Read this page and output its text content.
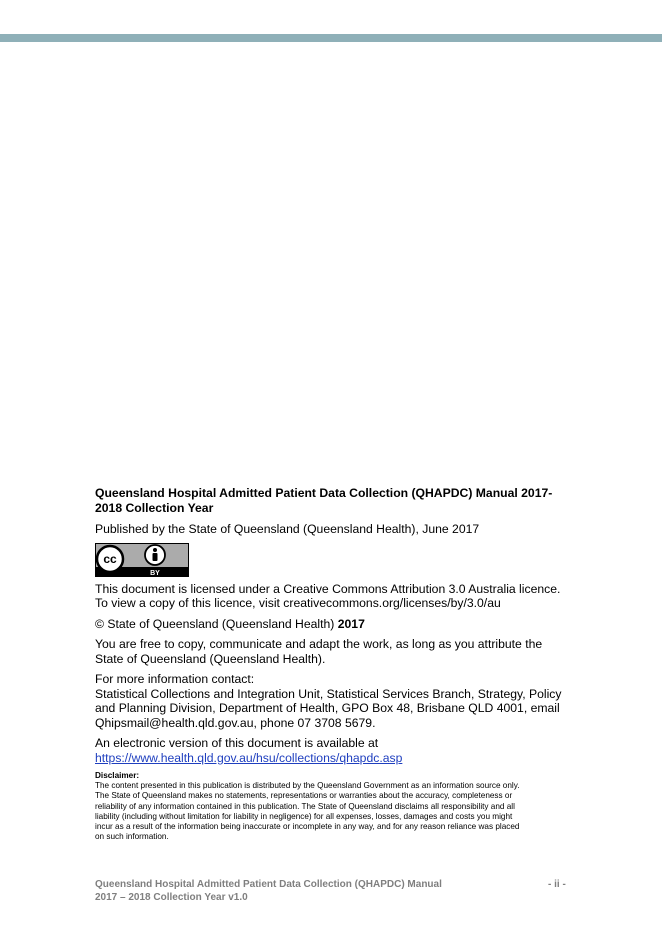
Queensland Hospital Admitted Patient Data Collection (QHAPDC) Manual 2017-
2018 Collection Year
Published by the State of Queensland (Queensland Health), June 2017
cc
BY
This document is licensed under a Creative Commons Attribution 3.0 Australia licence.
To view a copy of this licence, visit creativecommons.org/licenses/by/3.0/au
© State of Queensland (Queensland Health) 2017
You are free to copy, communicate and adapt the work, as long as you attribute the
State of Queensland (Queensland Health).
For more information contact:
Statistical Collections and Integration Unit, Statistical Services Branch, Strategy, Policy
and Planning Division, Department of Health, GPO Box 48, Brisbane QLD 4001, email
Qhipsmail@health.qld.gov.au, phone 07 3708 5679.
An electronic version of this document is available at
https://www.health.qld.gov.au/hsu/collections/qhapdc.asp
Disclaimer:
The content presented in this publication is distributed by the Queensland Government as an information source only.
The State of Queensland makes no statements, representations or warranties about the accuracy, completeness or
reliability of any information contained in this publication. The State of Queensland disclaims all responsibility and all
liability (including without limitation for liability in negligence) for all expenses, losses, damages and costs you might
incur as a result of the information being inaccurate or incomplete in any way, and for any reason reliance was placed
on such information.
Queensland Hospital Admitted Patient Data Collection (QHAPDC) Manual
2017 – 2018 Collection Year v1.0
- ii -
